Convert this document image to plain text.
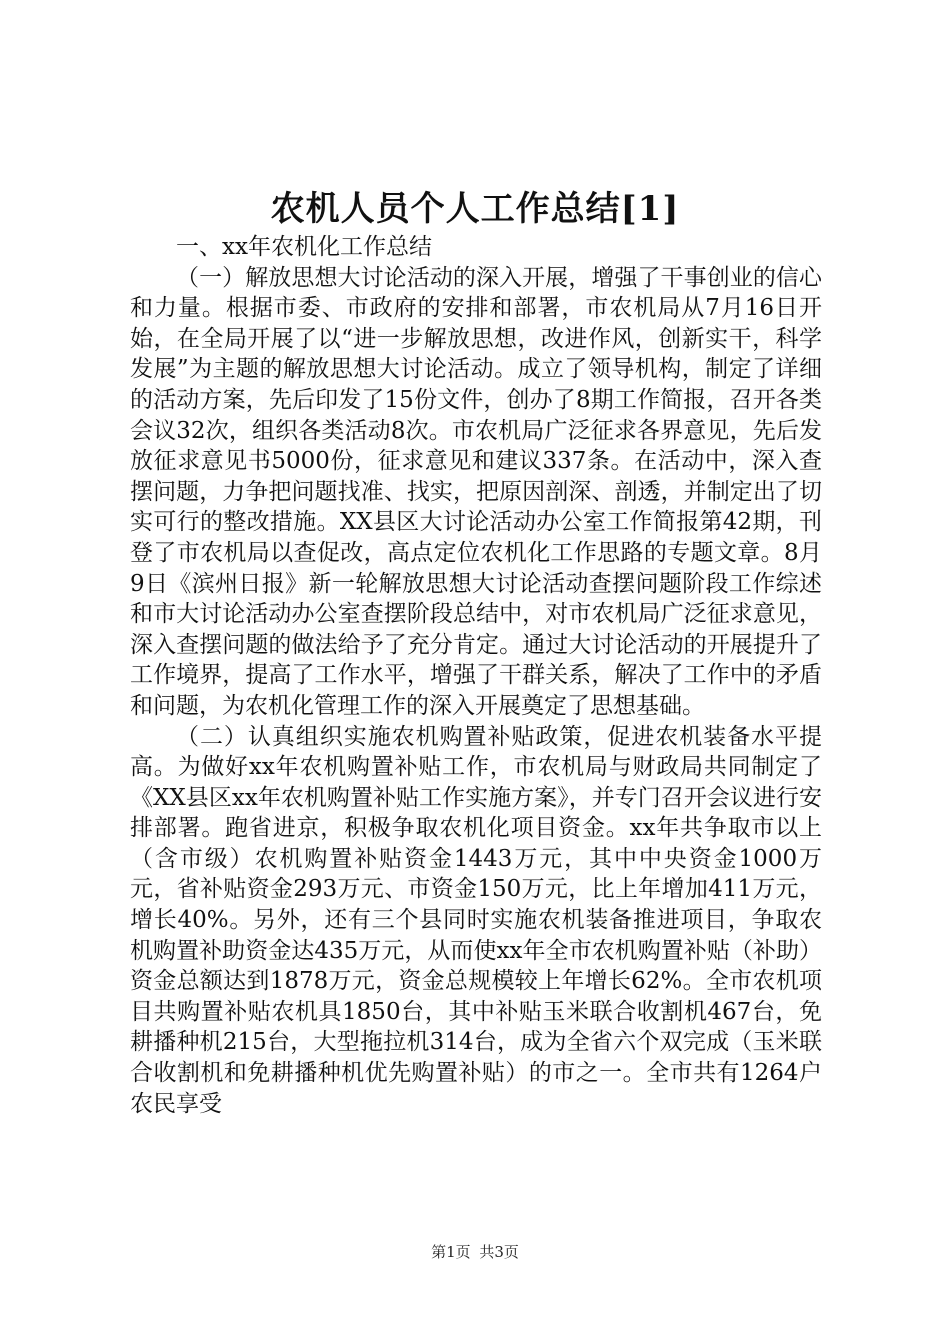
农机人员个人工作总结[1]

一、xx年农机化工作总结

（一）解放思想大讨论活动的深入开展，增强了干事创业的信心和力量。根据市委、市政府的安排和部署，市农机局从7月16日开始，在全局开展了以“进一步解放思想，改进作风，创新实干，科学发展”为主题的解放思想大讨论活动。成立了领导机构，制定了详细的活动方案，先后印发了15份文件，创办了8期工作简报，召开各类会议32次，组织各类活动8次。市农机局广泛征求各界意见，先后发放征求意见书5000份，征求意见和建议337条。在活动中，深入查摆问题，力争把问题找准、找实，把原因剖深、剖透，并制定出了切实可行的整改措施。XX县区大讨论活动办公室工作简报第42期，刊登了市农机局以查促改，高点定位农机化工作思路的专题文章。8月9日《滨州日报》新一轮解放思想大讨论活动查摆问题阶段工作综述和市大讨论活动办公室查摆阶段总结中，对市农机局广泛征求意见，深入查摆问题的做法给予了充分肯定。通过大讨论活动的开展提升了工作境界，提高了工作水平，增强了干群关系，解决了工作中的矛盾和问题，为农机化管理工作的深入开展奠定了思想基础。

（二）认真组织实施农机购置补贴政策，促进农机装备水平提高。为做好xx年农机购置补贴工作，市农机局与财政局共同制定了《XX县区xx年农机购置补贴工作实施方案》，并专门召开会议进行安排部署。跑省进京，积极争取农机化项目资金。xx年共争取市以上（含市级）农机购置补贴资金1443万元，其中中央资金1000万元，省补贴资金293万元、市资金150万元，比上年增加411万元，增长40%。另外，还有三个县同时实施农机装备推进项目，争取农机购置补助资金达435万元，从而使xx年全市农机购置补贴（补助）资金总额达到1878万元，资金总规模较上年增长62%。全市农机项目共购置补贴农机具1850台，其中补贴玉米联合收割机467台，免耕播种机215台，大型拖拉机314台，成为全省六个双完成（玉米联合收割机和免耕播种机优先购置补贴）的市之一。全市共有1264户农民享受

第1页 共3页
